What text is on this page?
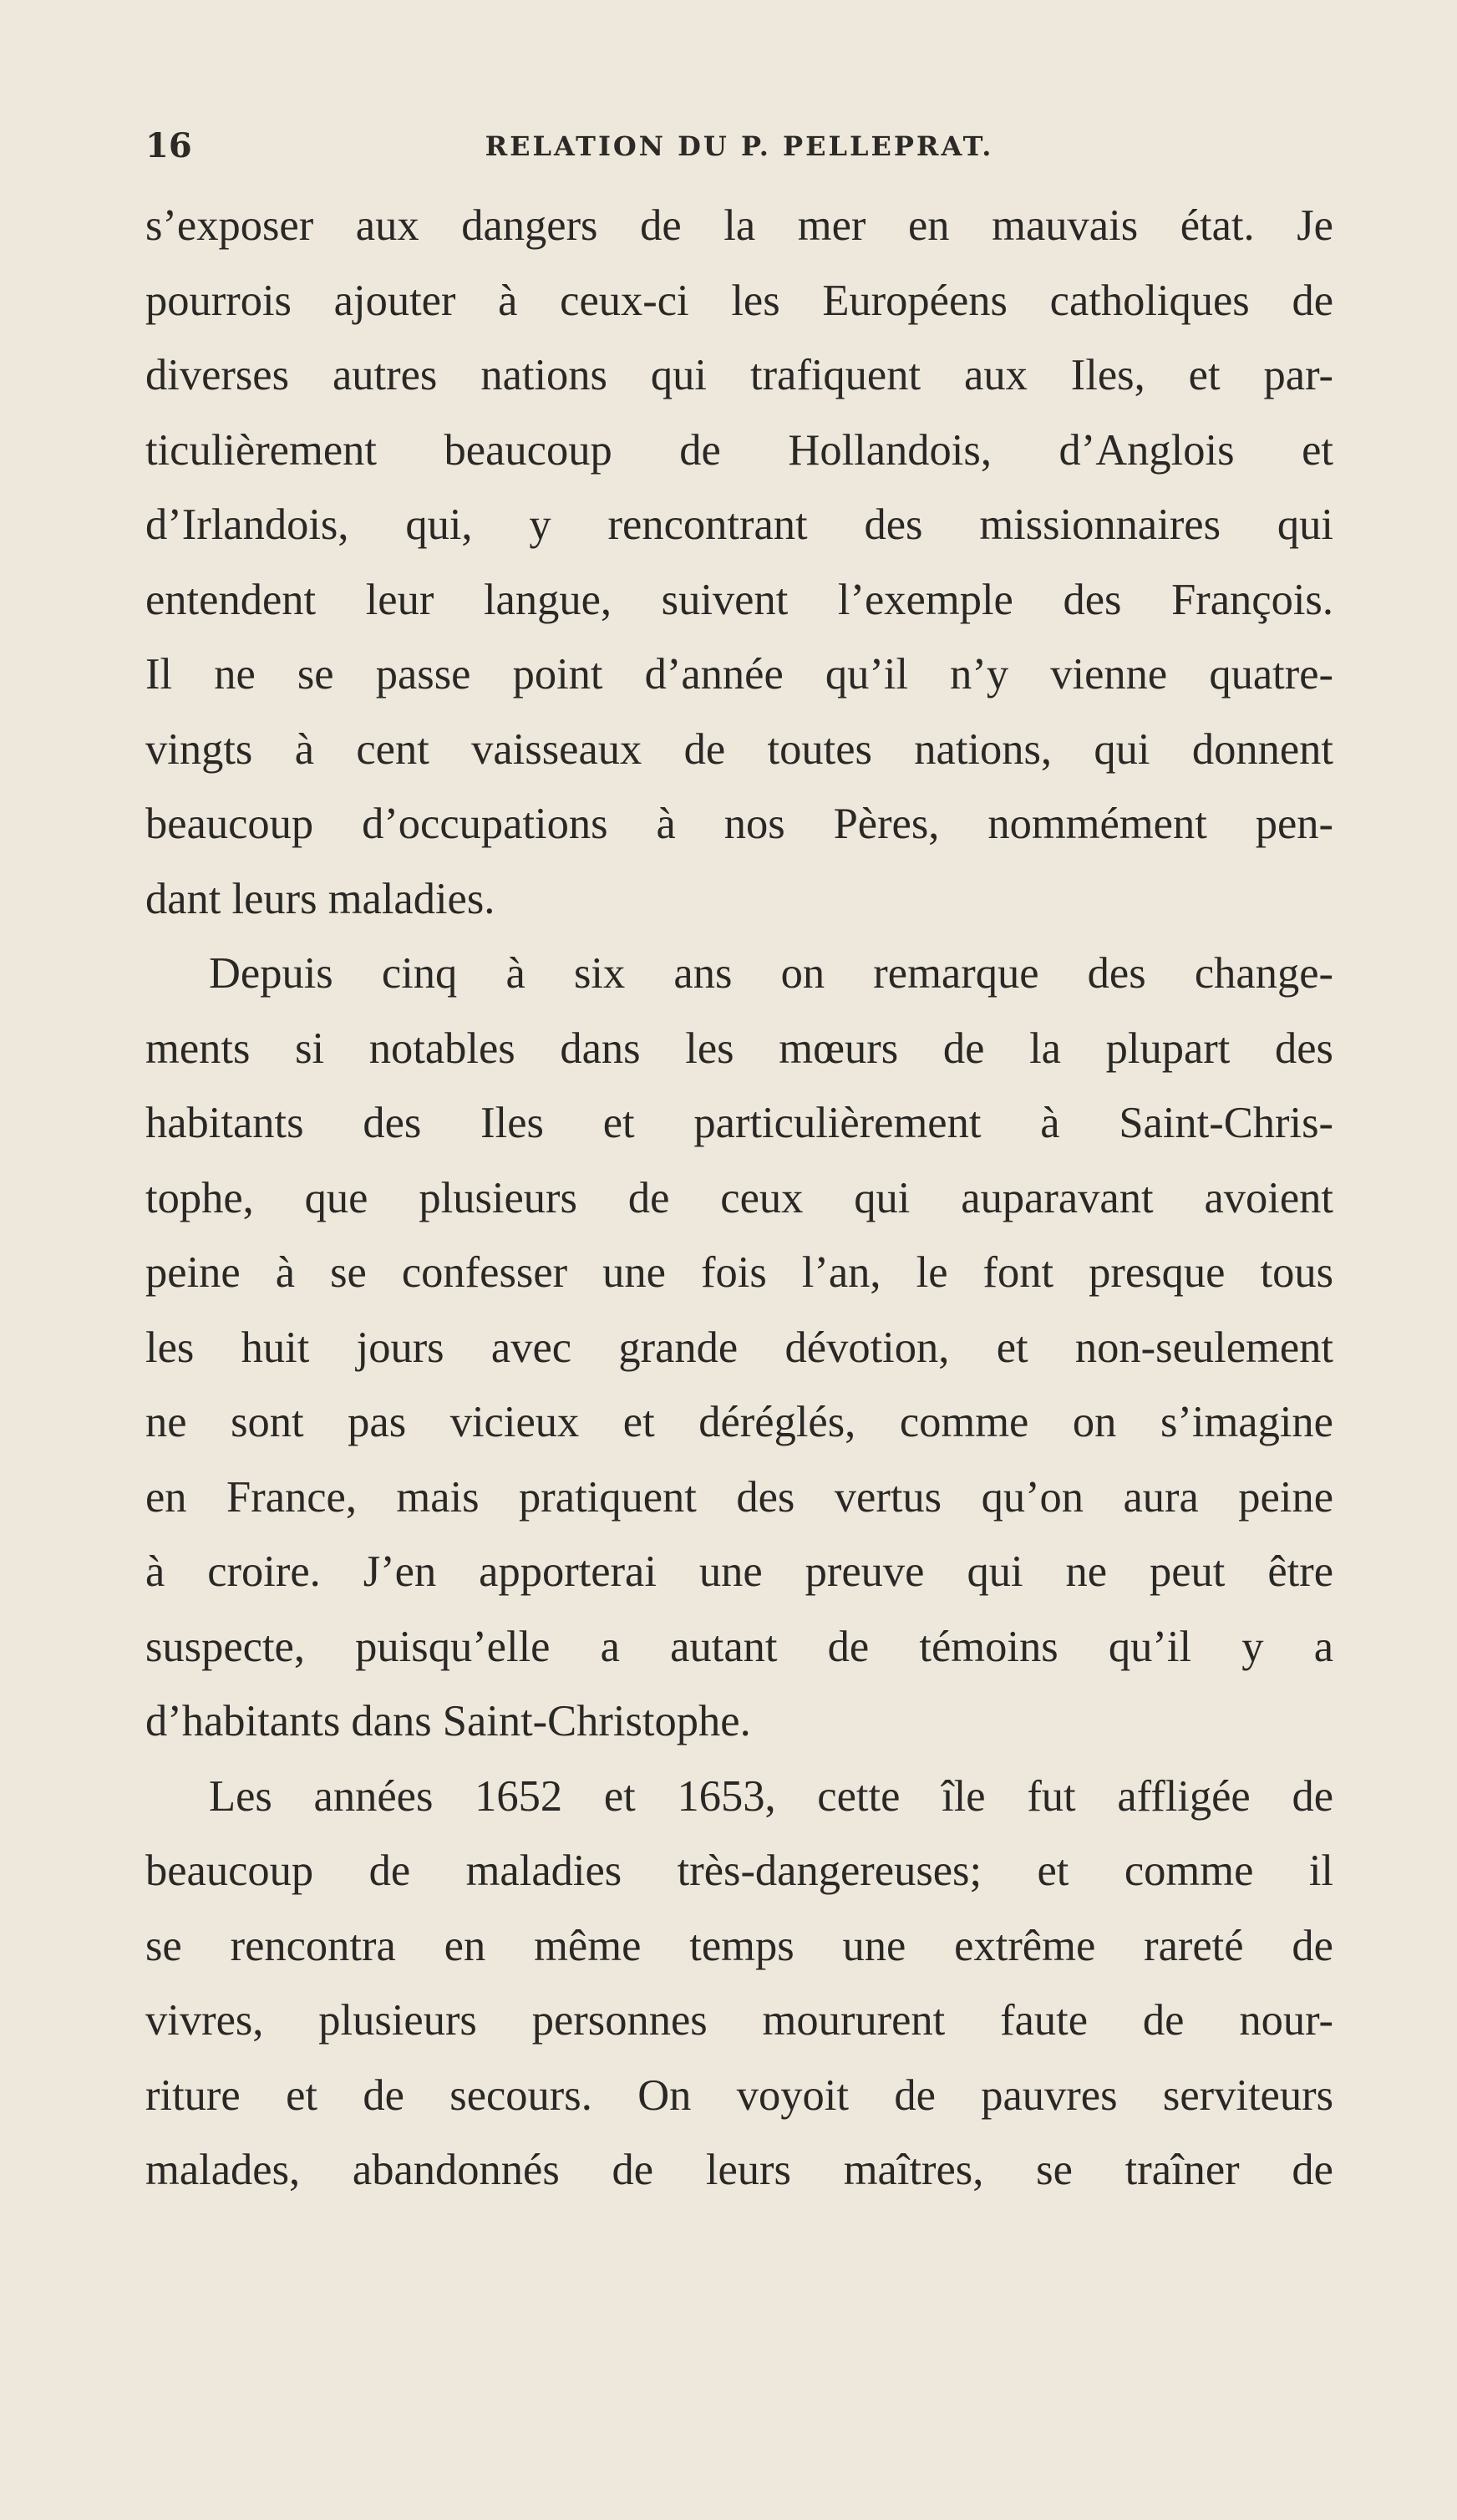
16	RELATION DU P. PELLEPRAT.
s’exposer aux dangers de la mer en mauvais état. Je
pourrois ajouter à ceux-ci les Européens catholiques de
diverses autres nations qui trafiquent aux Iles, et par-
ticulièrement beaucoup de Hollandois, d’Anglois et
d’Irlandois, qui, y rencontrant des missionnaires qui
entendent leur langue, suivent l’exemple des François.
Il ne se passe point d’année qu’il n’y vienne quatre-
vingts à cent vaisseaux de toutes nations, qui donnent
beaucoup d’occupations à nos Pères, nommément pen-
dant leurs maladies.
Depuis cinq à six ans on remarque des change-
ments si notables dans les mœurs de la plupart des
habitants des Iles et particulièrement à Saint-Chris-
tophe, que plusieurs de ceux qui auparavant avoient
peine à se confesser une fois l’an, le font presque tous
les huit jours avec grande dévotion, et non-seulement
ne sont pas vicieux et déréglés, comme on s’imagine
en France, mais pratiquent des vertus qu’on aura peine
à croire. J’en apporterai une preuve qui ne peut être
suspecte, puisqu’elle a autant de témoins qu’il y a
d’habitants dans Saint-Christophe.
Les années 1652 et 1653, cette île fut affligée de
beaucoup de maladies très-dangereuses; et comme il
se rencontra en même temps une extrême rareté de
vivres, plusieurs personnes moururent faute de nour-
riture et de secours. On voyoit de pauvres serviteurs
malades, abandonnés de leurs maîtres, se traîner de
